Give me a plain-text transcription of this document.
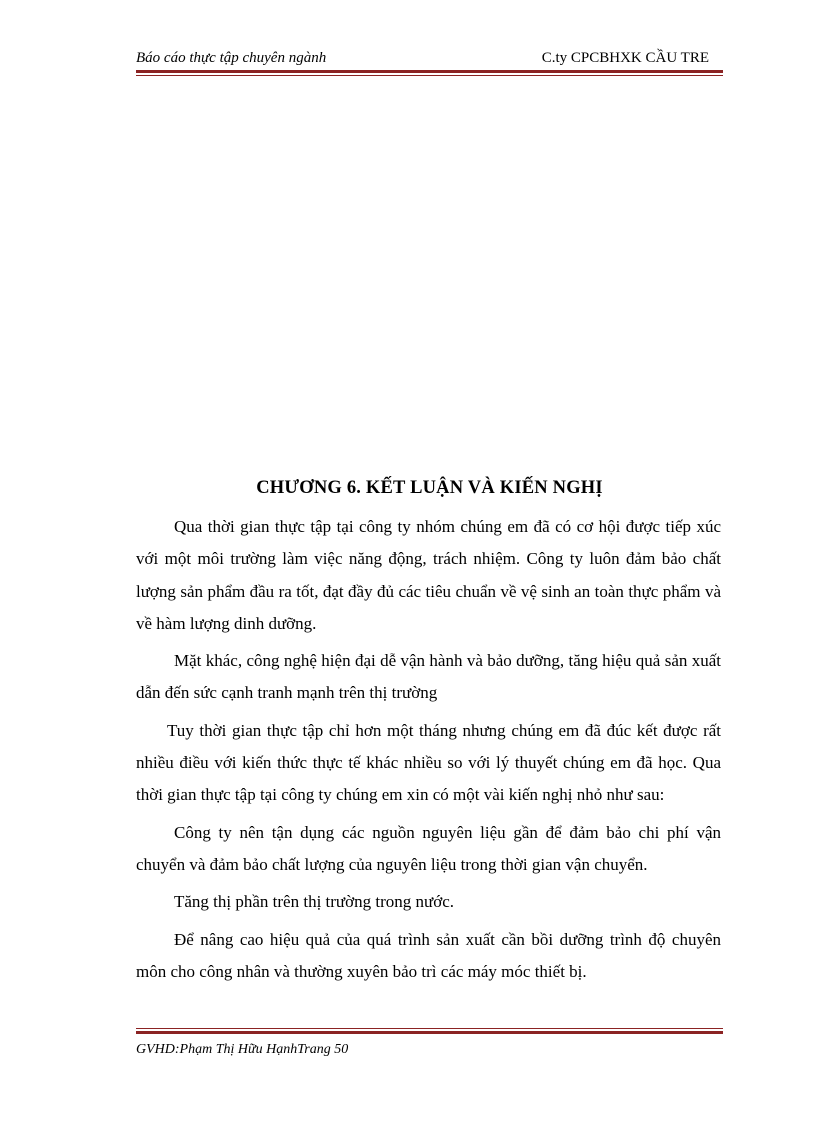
Báo cáo thực tập chuyên ngành	C.ty CPCBHXK CẦU TRE
CHƯƠNG 6. KẾT LUẬN VÀ KIẾN NGHỊ

Qua thời gian thực tập tại công ty nhóm chúng em đã có cơ hội được tiếp xúc với một môi trường làm việc năng động, trách nhiệm. Công ty luôn đảm bảo chất lượng sản phẩm đầu ra tốt, đạt đầy đủ các tiêu chuẩn về vệ sinh an toàn thực phẩm và về hàm lượng dinh dưỡng.

Mặt khác, công nghệ hiện đại dễ vận hành và bảo dưỡng, tăng hiệu quả sản xuất dẫn đến sức cạnh tranh mạnh trên thị trường

Tuy thời gian thực tập chỉ hơn một tháng nhưng chúng em đã đúc kết được rất nhiều điều với kiến thức thực tế khác nhiều so với lý thuyết chúng em đã học. Qua thời gian thực tập tại công ty chúng em xin có một vài kiến nghị nhỏ như sau:

Công ty nên tận dụng các nguồn nguyên liệu gần để đảm bảo chi phí vận chuyển và đảm bảo chất lượng của nguyên liệu trong thời gian vận chuyển.

Tăng thị phần trên thị trường trong nước.

Để nâng cao hiệu quả của quá trình sản xuất cần bồi dưỡng trình độ chuyên môn cho công nhân và thường xuyên bảo trì các máy móc thiết bị.

GVHD:Phạm Thị Hữu HạnhTrang 50
